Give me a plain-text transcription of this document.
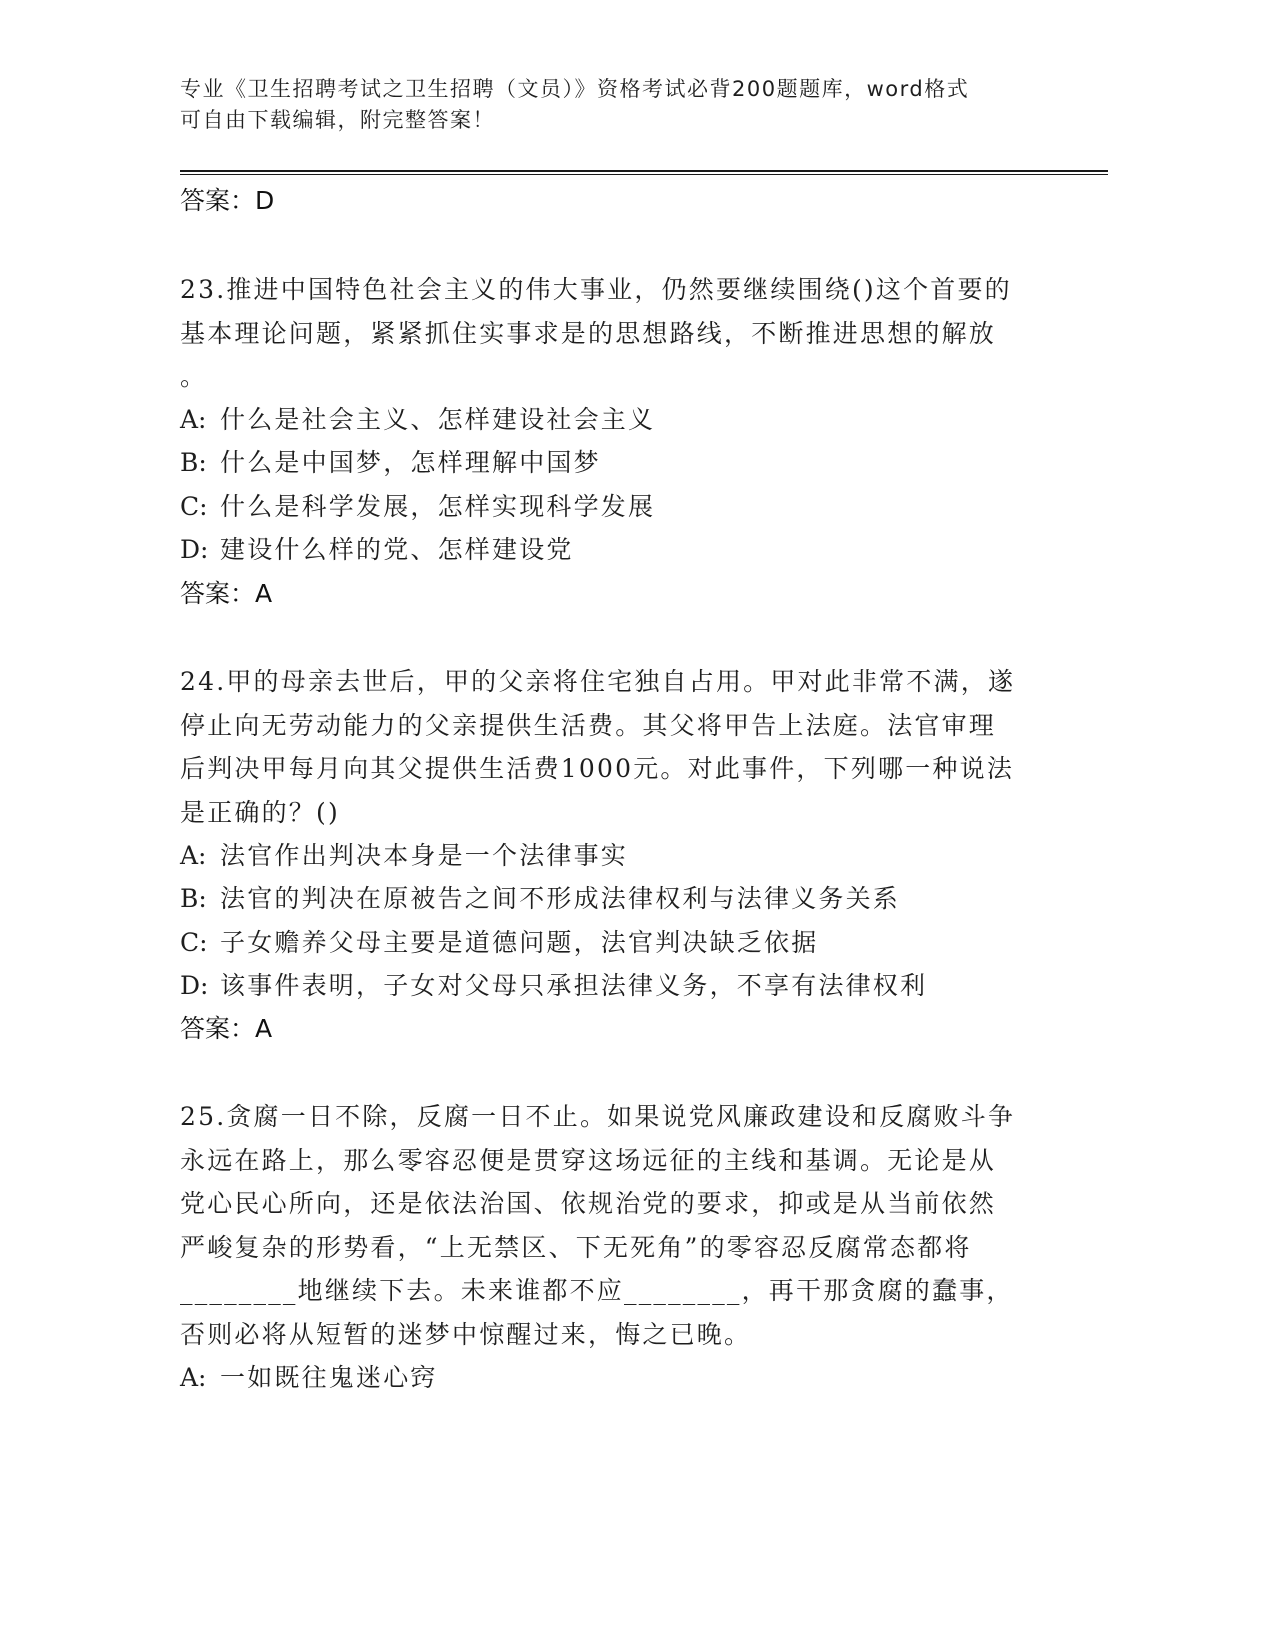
专业《卫生招聘考试之卫生招聘（文员）》资格考试必背200题题库，word格式
可自由下载编辑，附完整答案！
答案：D
23.推进中国特色社会主义的伟大事业，仍然要继续围绕()这个首要的
基本理论问题，紧紧抓住实事求是的思想路线，不断推进思想的解放
。
A: 什么是社会主义、怎样建设社会主义
B: 什么是中国梦，怎样理解中国梦
C: 什么是科学发展，怎样实现科学发展
D: 建设什么样的党、怎样建设党
答案：A
24.甲的母亲去世后，甲的父亲将住宅独自占用。甲对此非常不满，遂
停止向无劳动能力的父亲提供生活费。其父将甲告上法庭。法官审理
后判决甲每月向其父提供生活费1000元。对此事件，下列哪一种说法
是正确的？()
A: 法官作出判决本身是一个法律事实
B: 法官的判决在原被告之间不形成法律权利与法律义务关系
C: 子女赡养父母主要是道德问题，法官判决缺乏依据
D: 该事件表明，子女对父母只承担法律义务，不享有法律权利
答案：A
25.贪腐一日不除，反腐一日不止。如果说党风廉政建设和反腐败斗争
永远在路上，那么零容忍便是贯穿这场远征的主线和基调。无论是从
党心民心所向，还是依法治国、依规治党的要求，抑或是从当前依然
严峻复杂的形势看，“上无禁区、下无死角”的零容忍反腐常态都将
________地继续下去。未来谁都不应________，再干那贪腐的蠢事，
否则必将从短暂的迷梦中惊醒过来，悔之已晚。
A: 一如既往鬼迷心窍
